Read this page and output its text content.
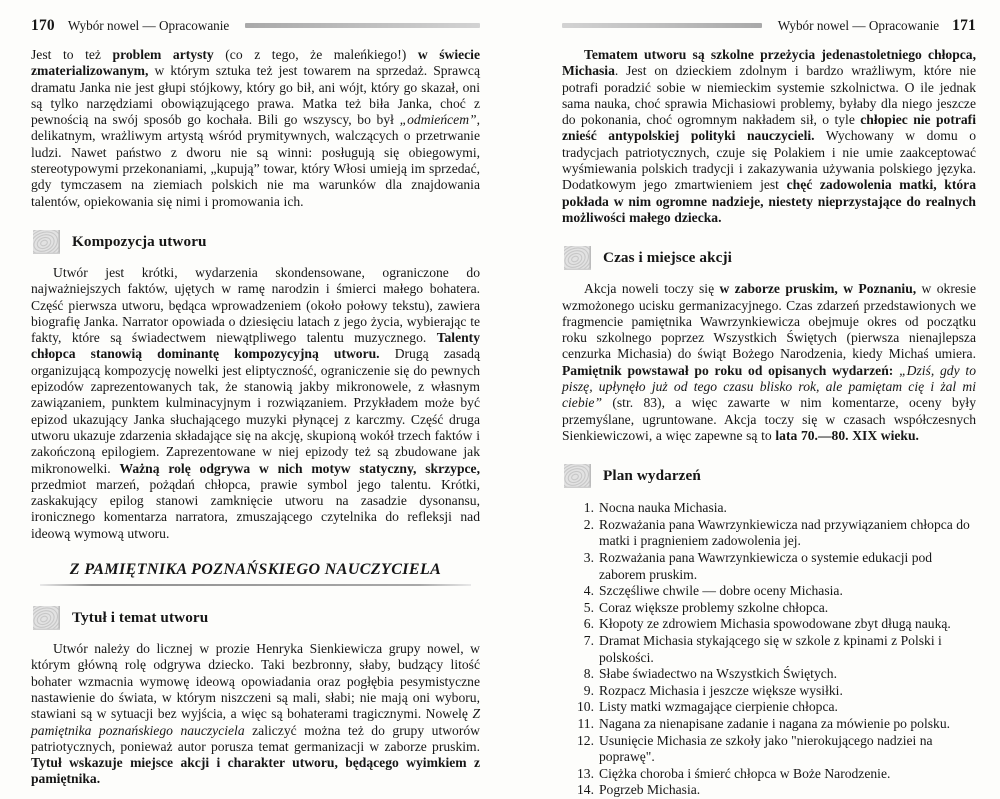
170 Wybór nowel — Opracowanie

Jest to też problem artysty (co z tego, że maleńkiego!) w świecie zmaterializowanym, w którym sztuka też jest towarem na sprzedaż. Sprawcą dramatu Janka nie jest głupi stójkowy, który go bił, ani wójt, który go skazał, oni są tylko narzędziami obowiązującego prawa. Matka też biła Janka, choć z pewnością na swój sposób go kochała. Bili go wszyscy, bo był „odmieńcem”, delikatnym, wrażliwym artystą wśród prymitywnych, walczących o przetrwanie ludzi. Nawet państwo z dworu nie są winni: posługują się obiegowymi, stereotypowymi przekonaniami, „kupują” towar, który Włosi umieją im sprzedać, gdy tymczasem na ziemiach polskich nie ma warunków dla znajdowania talentów, opiekowania się nimi i promowania ich.

Kompozycja utworu

Utwór jest krótki, wydarzenia skondensowane, ograniczone do najważniejszych faktów, ujętych w ramę narodzin i śmierci małego bohatera. Część pierwsza utworu, będąca wprowadzeniem (około połowy tekstu), zawiera biografię Janka. Narrator opowiada o dziesięciu latach z jego życia, wybierając te fakty, które są świadectwem niewątpliwego talentu muzycznego. Talenty chłopca stanowią dominantę kompozycyjną utworu. Drugą zasadą organizującą kompozycję nowelki jest eliptyczność, ograniczenie się do pewnych epizodów zaprezentowanych tak, że stanowią jakby mikronowele, z własnym zawiązaniem, punktem kulminacyjnym i rozwiązaniem. Przykładem może być epizod ukazujący Janka słuchającego muzyki płynącej z karczmy. Część druga utworu ukazuje zdarzenia składające się na akcję, skupioną wokół trzech faktów i zakończoną epilogiem. Zaprezentowane w niej epizody też są zbudowane jak mikronowelki. Ważną rolę odgrywa w nich motyw statyczny, skrzypce, przedmiot marzeń, pożądań chłopca, prawie symbol jego talentu. Krótki, zaskakujący epilog stanowi zamknięcie utworu na zasadzie dysonansu, ironicznego komentarza narratora, zmuszającego czytelnika do refleksji nad ideową wymową utworu.

Z PAMIĘTNIKA POZNAŃSKIEGO NAUCZYCIELA
Tytuł i temat utworu

Utwór należy do licznej w prozie Henryka Sienkiewicza grupy nowel, w którym główną rolę odgrywa dziecko. Taki bezbronny, słaby, budzący litość bohater wzmacnia wymowę ideową opowiadania oraz pogłębia pesymistyczne nastawienie do świata, w którym niszczeni są mali, słabi; nie mają oni wyboru, stawiani są w sytuacji bez wyjścia, a więc są bohaterami tragicznymi. Nowelę Z pamiętnika poznańskiego nauczyciela zaliczyć można też do grupy utworów patriotycznych, ponieważ autor porusza temat germanizacji w zaborze pruskim. Tytuł wskazuje miejsce akcji i charakter utworu, będącego wyimkiem z pamiętnika.

Wybór nowel — Opracowanie 171

Tematem utworu są szkolne przeżycia jedenastoletniego chłopca, Michasia. Jest on dzieckiem zdolnym i bardzo wrażliwym, które nie potrafi poradzić sobie w niemieckim systemie szkolnictwa. O ile jednak sama nauka, choć sprawia Michasiowi problemy, byłaby dla niego jeszcze do pokonania, choć ogromnym nakładem sił, o tyle chłopiec nie potrafi znieść antypolskiej polityki nauczycieli. Wychowany w domu o tradycjach patriotycznych, czuje się Polakiem i nie umie zaakceptować wyśmiewania polskich tradycji i zakazywania używania polskiego języka. Dodatkowym jego zmartwieniem jest chęć zadowolenia matki, która pokłada w nim ogromne nadzieje, niestety nieprzystające do realnych możliwości małego dziecka.

Czas i miejsce akcji

Akcja noweli toczy się w zaborze pruskim, w Poznaniu, w okresie wzmożonego ucisku germanizacyjnego. Czas zdarzeń przedstawionych we fragmencie pamiętnika Wawrzynkiewicza obejmuje okres od początku roku szkolnego poprzez Wszystkich Świętych (pierwsza nienajlepsza cenzurka Michasia) do świąt Bożego Narodzenia, kiedy Michaś umiera. Pamiętnik powstawał po roku od opisanych wydarzeń: „Dziś, gdy to piszę, upłynęło już od tego czasu blisko rok, ale pamiętam cię i żal mi ciebie” (str. 83), a więc zawarte w nim komentarze, oceny były przemyślane, ugruntowane. Akcja toczy się w czasach współczesnych Sienkiewiczowi, a więc zapewne są to lata 70.—80. XIX wieku.

Plan wydarzeń
1. Nocna nauka Michasia.
2. Rozważania pana Wawrzynkiewicza nad przywiązaniem chłopca do matki i pragnieniem zadowolenia jej.
3. Rozważania pana Wawrzynkiewicza o systemie edukacji pod zaborem pruskim.
4. Szczęśliwe chwile — dobre oceny Michasia.
5. Coraz większe problemy szkolne chłopca.
6. Kłopoty ze zdrowiem Michasia spowodowane zbyt długą nauką.
7. Dramat Michasia stykającego się w szkole z kpinami z Polski i polskości.
8. Słabe świadectwo na Wszystkich Świętych.
9. Rozpacz Michasia i jeszcze większe wysiłki.
10. Listy matki wzmagające cierpienie chłopca.
11. Nagana za nienapisane zadanie i nagana za mówienie po polsku.
12. Usunięcie Michasia ze szkoły jako "nierokującego nadziei na poprawę".
13. Ciężka choroba i śmierć chłopca w Boże Narodzenie.
14. Pogrzeb Michasia.
